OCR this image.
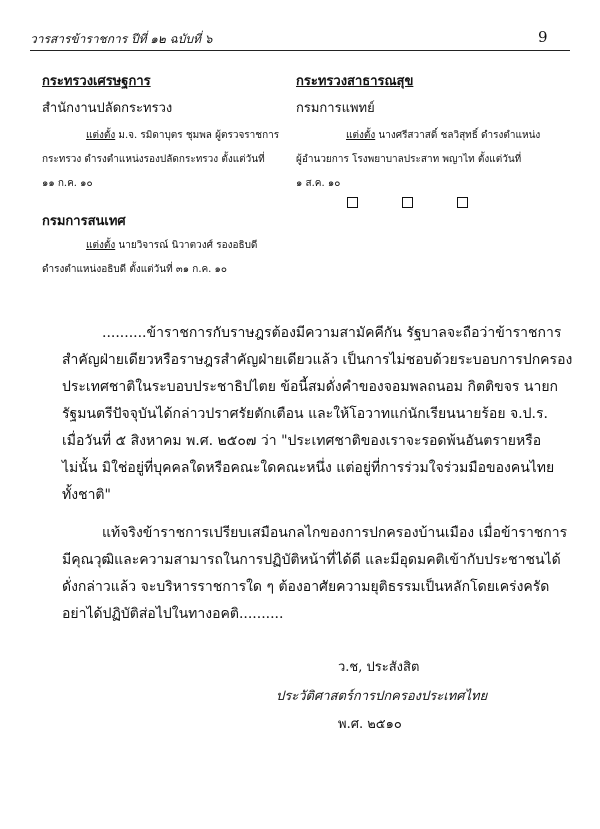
วารสารข้าราชการ ปีที่ ๑๒ ฉบับที่ ๖	9
กระทรวงเศรษฐการ
สำนักงานปลัดกระทรวง
แต่งตั้ง ม.จ. รมิดาบุตร ชุมพล ผู้ตรวจราชการ
กระทรวง ดำรงตำแหน่งรองปลัดกระทรวง ตั้งแต่วันที่
๑๑ ก.ค. ๑๐
กระทรวงสาธารณสุข
กรมการแพทย์
แต่งตั้ง นางศรีสวาสดิ์ ชลวิสุทธิ์ ดำรงตำแหน่ง
ผู้อำนวยการ โรงพยาบาลประสาท พญาไท ตั้งแต่วันที่
๑ ส.ค. ๑๐
กรมการสนเทศ
แต่งตั้ง นายวิจารณ์ นิวาตวงศ์ รองอธิบดี
ดำรงตำแหน่งอธิบดี ตั้งแต่วันที่ ๓๑ ก.ค. ๑๐
..........ข้าราชการกับราษฎรต้องมีความสามัคคีกัน รัฐบาลจะถือว่าข้าราชการ
สำคัญฝ่ายเดียวหรือราษฎรสำคัญฝ่ายเดียวแล้ว เป็นการไม่ชอบด้วยระบอบการปกครอง
ประเทศชาติในระบอบประชาธิปไตย ข้อนี้สมดั่งคำของจอมพลถนอม กิตติขจร นายก
รัฐมนตรีปัจจุบันได้กล่าวปราศรัยตักเตือน และให้โอวาทแก่นักเรียนนายร้อย จ.ป.ร.
เมื่อวันที่ ๕ สิงหาคม พ.ศ. ๒๕๐๗ ว่า "ประเทศชาติของเราจะรอดพ้นอันตรายหรือ
ไม่นั้น มิใช่อยู่ที่บุคคลใดหรือคณะใดคณะหนึ่ง แต่อยู่ที่การร่วมใจร่วมมือของคนไทย
ทั้งชาติ"
แท้จริงข้าราชการเปรียบเสมือนกลไกของการปกครองบ้านเมือง เมื่อข้าราชการ
มีคุณวุฒิและความสามารถในการปฏิบัติหน้าที่ได้ดี และมีอุดมคติเข้ากับประชาชนได้
ดั่งกล่าวแล้ว จะบริหารราชการใด ๆ ต้องอาศัยความยุติธรรมเป็นหลักโดยเคร่งครัด
อย่าได้ปฏิบัติส่อไปในทางอคติ..........
ว.ช, ประสังสิต
ประวัติศาสตร์การปกครองประเทศไทย
พ.ศ. ๒๕๑๐
